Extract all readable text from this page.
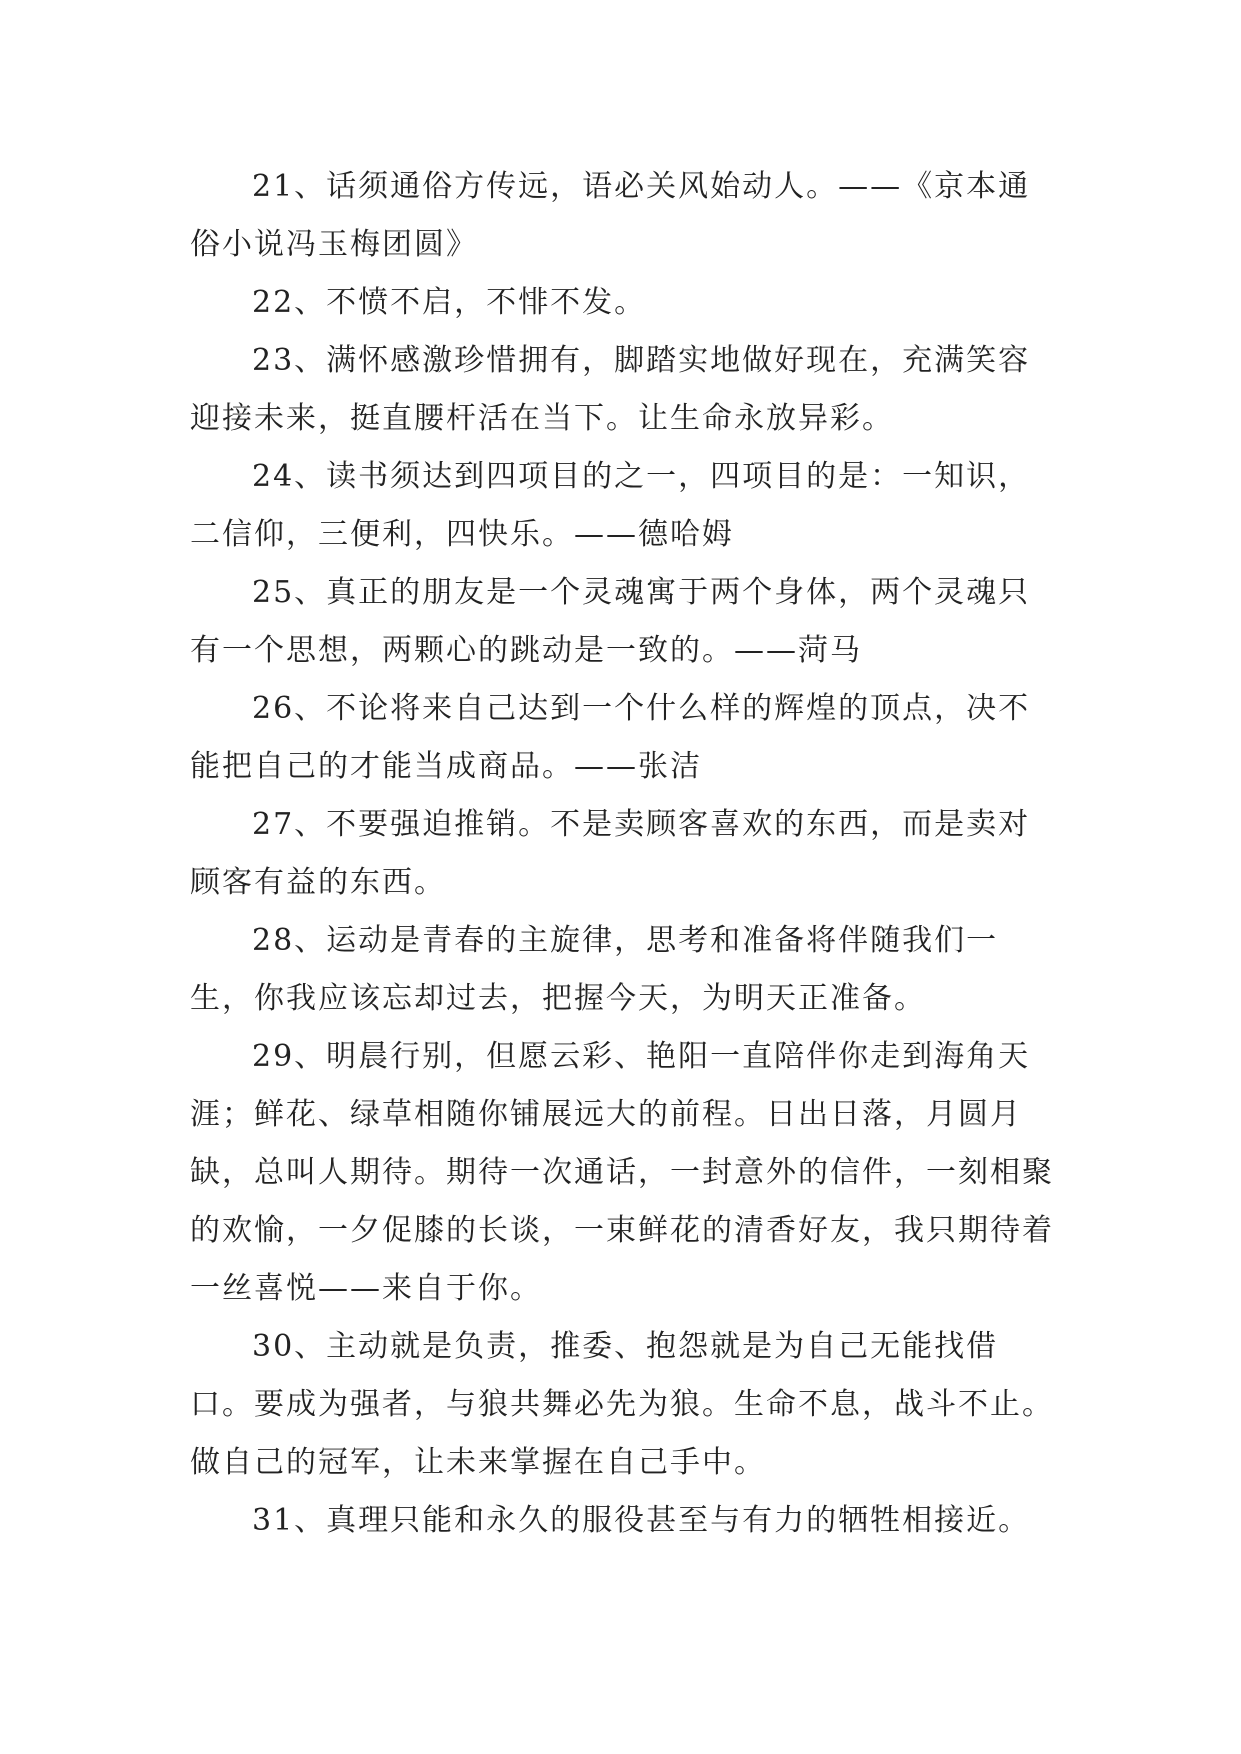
21、话须通俗方传远，语必关风始动人。——《京本通俗小说冯玉梅团圆》

22、不愤不启，不悱不发。

23、满怀感激珍惜拥有，脚踏实地做好现在，充满笑容迎接未来，挺直腰杆活在当下。让生命永放异彩。

24、读书须达到四项目的之一，四项目的是：一知识，二信仰，三便利，四快乐。——德哈姆

25、真正的朋友是一个灵魂寓于两个身体，两个灵魂只有一个思想，两颗心的跳动是一致的。——菏马

26、不论将来自己达到一个什么样的辉煌的顶点，决不能把自己的才能当成商品。——张洁

27、不要强迫推销。不是卖顾客喜欢的东西，而是卖对顾客有益的东西。

28、运动是青春的主旋律，思考和准备将伴随我们一生，你我应该忘却过去，把握今天，为明天正准备。

29、明晨行别，但愿云彩、艳阳一直陪伴你走到海角天涯；鲜花、绿草相随你铺展远大的前程。日出日落，月圆月缺，总叫人期待。期待一次通话，一封意外的信件，一刻相聚的欢愉，一夕促膝的长谈，一束鲜花的清香好友，我只期待着一丝喜悦——来自于你。

30、主动就是负责，推委、抱怨就是为自己无能找借口。要成为强者，与狼共舞必先为狼。生命不息，战斗不止。做自己的冠军，让未来掌握在自己手中。

31、真理只能和永久的服役甚至与有力的牺牲相接近。
